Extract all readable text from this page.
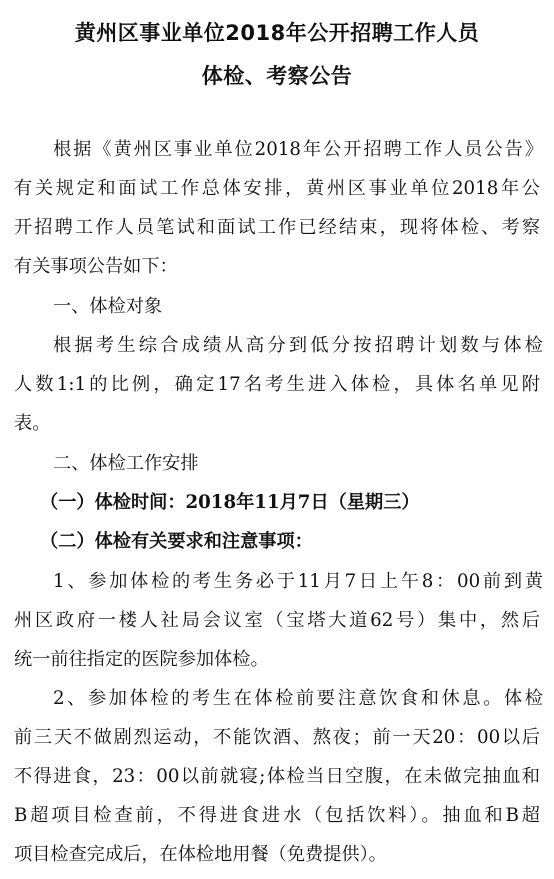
黄州区事业单位2018年公开招聘工作人员
体检、考察公告
根据《黄州区事业单位2018年公开招聘工作人员公告》
有关规定和面试工作总体安排，黄州区事业单位2018年公
开招聘工作人员笔试和面试工作已经结束，现将体检、考察
有关事项公告如下：
一、体检对象
根据考生综合成绩从高分到低分按招聘计划数与体检
人数1:1的比例，确定17名考生进入体检，具体名单见附
表。
二、体检工作安排
（一）体检时间：2018年11月7日（星期三）
（二）体检有关要求和注意事项：
1、参加体检的考生务必于11月7日上午8：00前到黄
州区政府一楼人社局会议室（宝塔大道62号）集中，然后
统一前往指定的医院参加体检。
2、参加体检的考生在体检前要注意饮食和休息。体检
前三天不做剧烈运动，不能饮酒、熬夜；前一天20：00以后
不得进食，23：00以前就寝;体检当日空腹，在未做完抽血和
B超项目检查前，不得进食进水（包括饮料）。抽血和B超
项目检查完成后，在体检地用餐（免费提供）。
